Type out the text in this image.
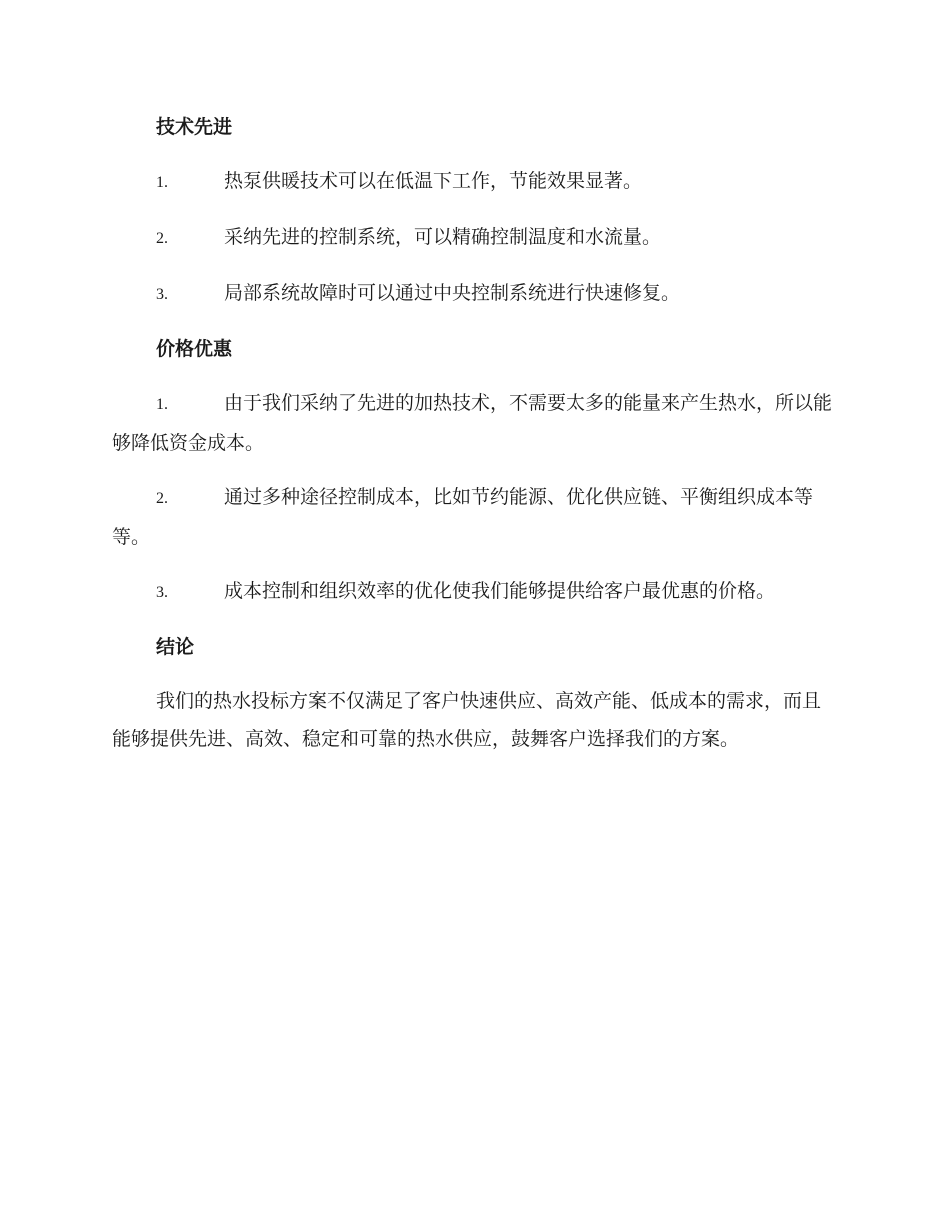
技术先进
1.	热泵供暖技术可以在低温下工作，节能效果显著。
2.	采纳先进的控制系统，可以精确控制温度和水流量。
3.	局部系统故障时可以通过中央控制系统进行快速修复。
价格优惠
1.	由于我们采纳了先进的加热技术，不需要太多的能量来产生热水，所以能够降低资金成本。
2.	通过多种途径控制成本，比如节约能源、优化供应链、平衡组织成本等等。
3.	成本控制和组织效率的优化使我们能够提供给客户最优惠的价格。
结论
我们的热水投标方案不仅满足了客户快速供应、高效产能、低成本的需求，而且能够提供先进、高效、稳定和可靠的热水供应，鼓舞客户选择我们的方案。
